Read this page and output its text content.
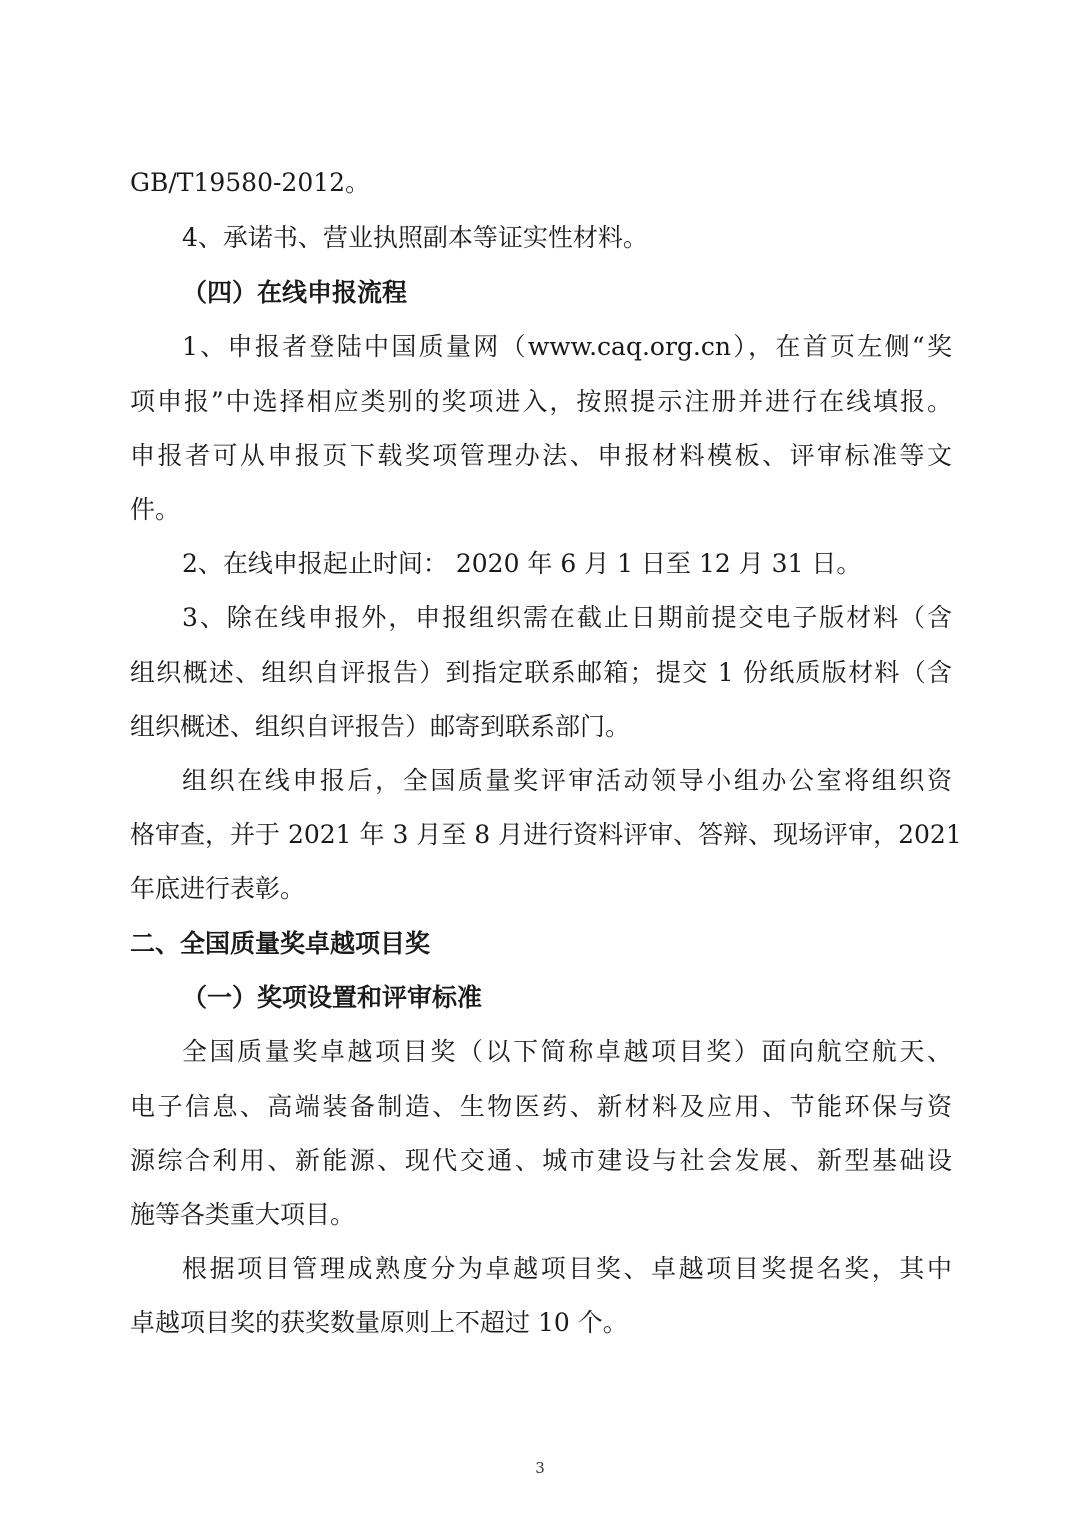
GB/T19580-2012。

4、承诺书、营业执照副本等证实性材料。

（四）在线申报流程

1、申报者登陆中国质量网（www.caq.org.cn），在首页左侧“奖

项申报”中选择相应类别的奖项进入，按照提示注册并进行在线填报。

申报者可从申报页下载奖项管理办法、申报材料模板、评审标准等文

件。

2、在线申报起止时间： 2020 年 6 月 1 日至 12 月 31 日。

3、除在线申报外，申报组织需在截止日期前提交电子版材料（含

组织概述、组织自评报告）到指定联系邮箱；提交 1 份纸质版材料（含

组织概述、组织自评报告）邮寄到联系部门。

组织在线申报后，全国质量奖评审活动领导小组办公室将组织资

格审查，并于 2021 年 3 月至 8 月进行资料评审、答辩、现场评审，2021

年底进行表彰。

二、全国质量奖卓越项目奖

（一）奖项设置和评审标准

全国质量奖卓越项目奖（以下简称卓越项目奖）面向航空航天、

电子信息、高端装备制造、生物医药、新材料及应用、节能环保与资

源综合利用、新能源、现代交通、城市建设与社会发展、新型基础设

施等各类重大项目。

根据项目管理成熟度分为卓越项目奖、卓越项目奖提名奖，其中

卓越项目奖的获奖数量原则上不超过 10 个。

3
